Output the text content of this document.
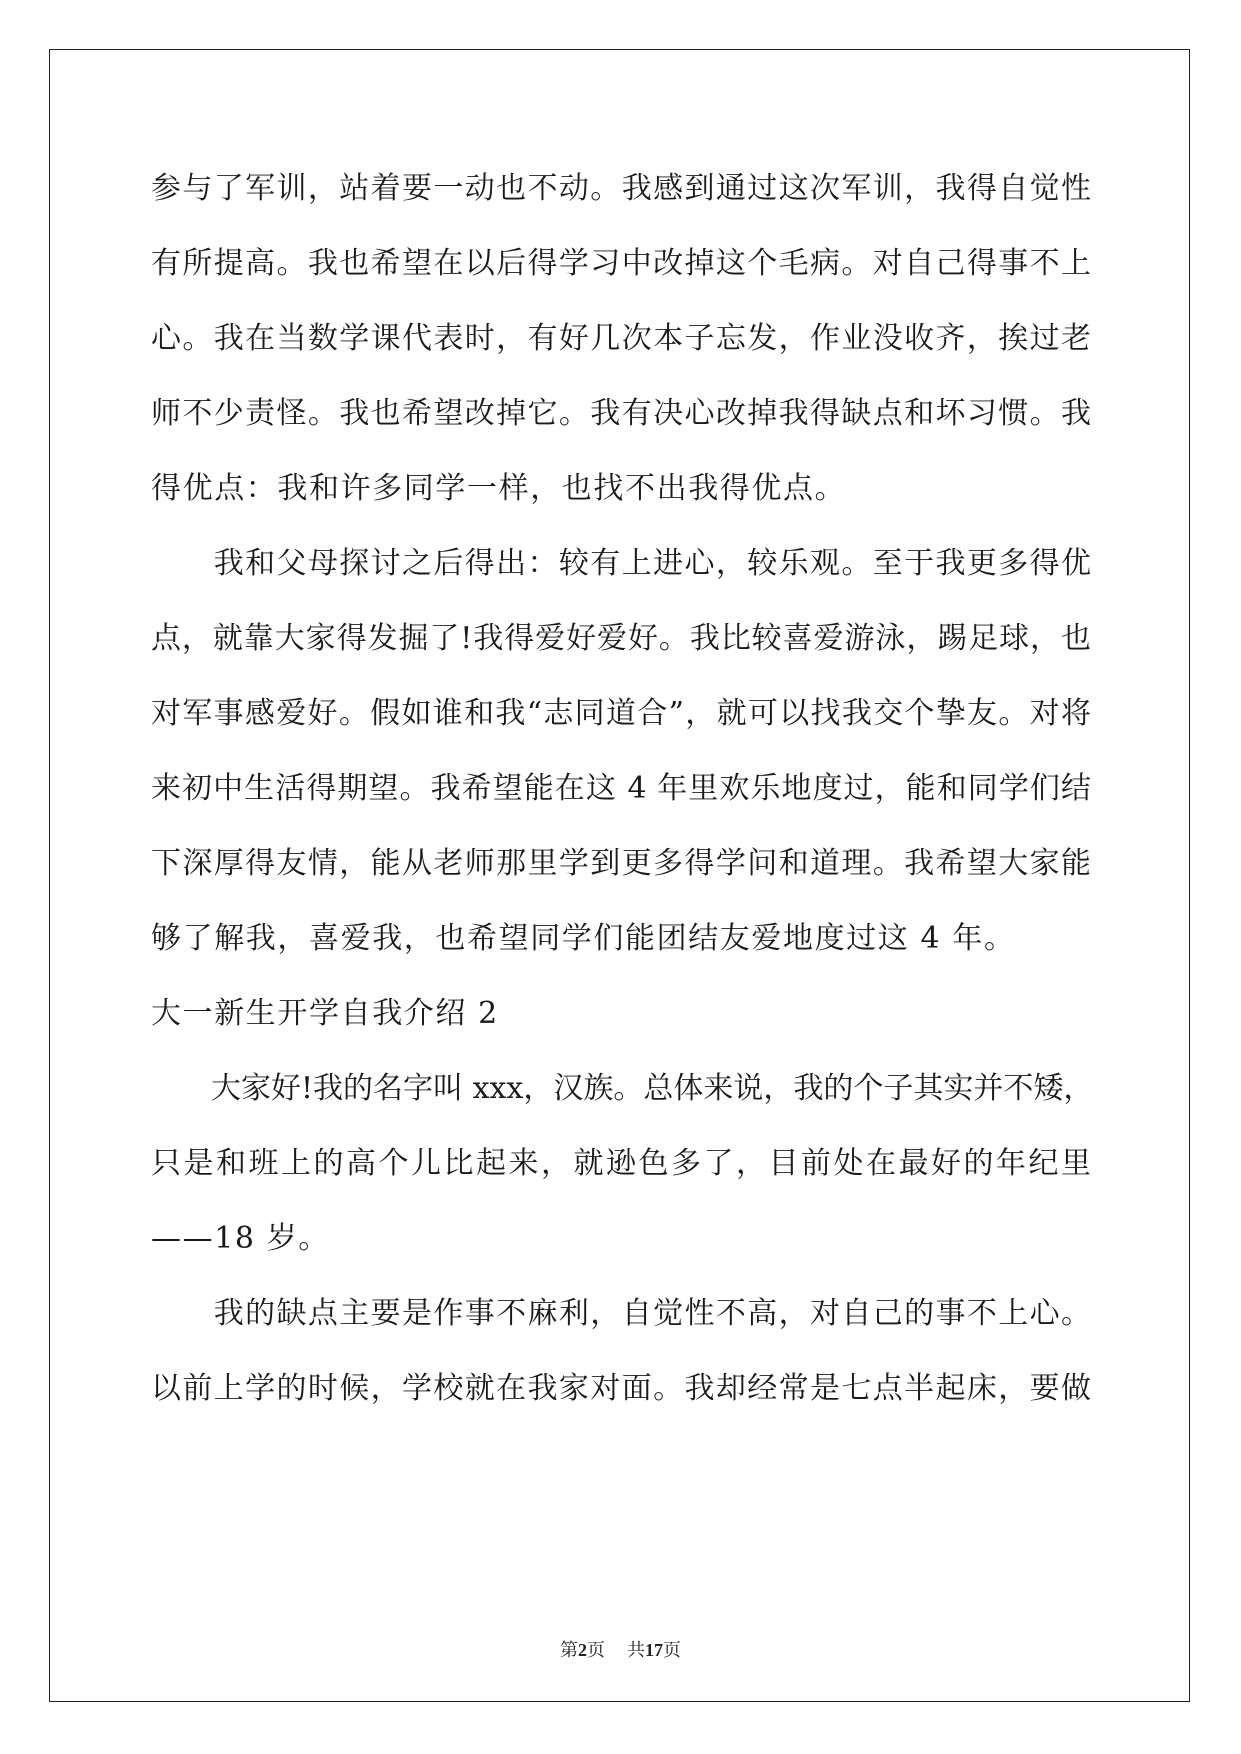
参与了军训，站着要一动也不动。我感到通过这次军训，我得自觉性
有所提高。我也希望在以后得学习中改掉这个毛病。对自己得事不上
心。我在当数学课代表时，有好几次本子忘发，作业没收齐，挨过老
师不少责怪。我也希望改掉它。我有决心改掉我得缺点和坏习惯。我
得优点：我和许多同学一样，也找不出我得优点。
　　我和父母探讨之后得出：较有上进心，较乐观。至于我更多得优
点，就靠大家得发掘了!我得爱好爱好。我比较喜爱游泳，踢足球，也
对军事感爱好。假如谁和我“志同道合”，就可以找我交个挚友。对将
来初中生活得期望。我希望能在这 4 年里欢乐地度过，能和同学们结
下深厚得友情，能从老师那里学到更多得学问和道理。我希望大家能
够了解我，喜爱我，也希望同学们能团结友爱地度过这 4 年。
大一新生开学自我介绍 2
　　大家好!我的名字叫 xxx，汉族。总体来说，我的个子其实并不矮，
只是和班上的高个儿比起来，就逊色多了，目前处在最好的年纪里
——18 岁。
　　我的缺点主要是作事不麻利，自觉性不高，对自己的事不上心。
以前上学的时候，学校就在我家对面。我却经常是七点半起床，要做
第2页 共17页
